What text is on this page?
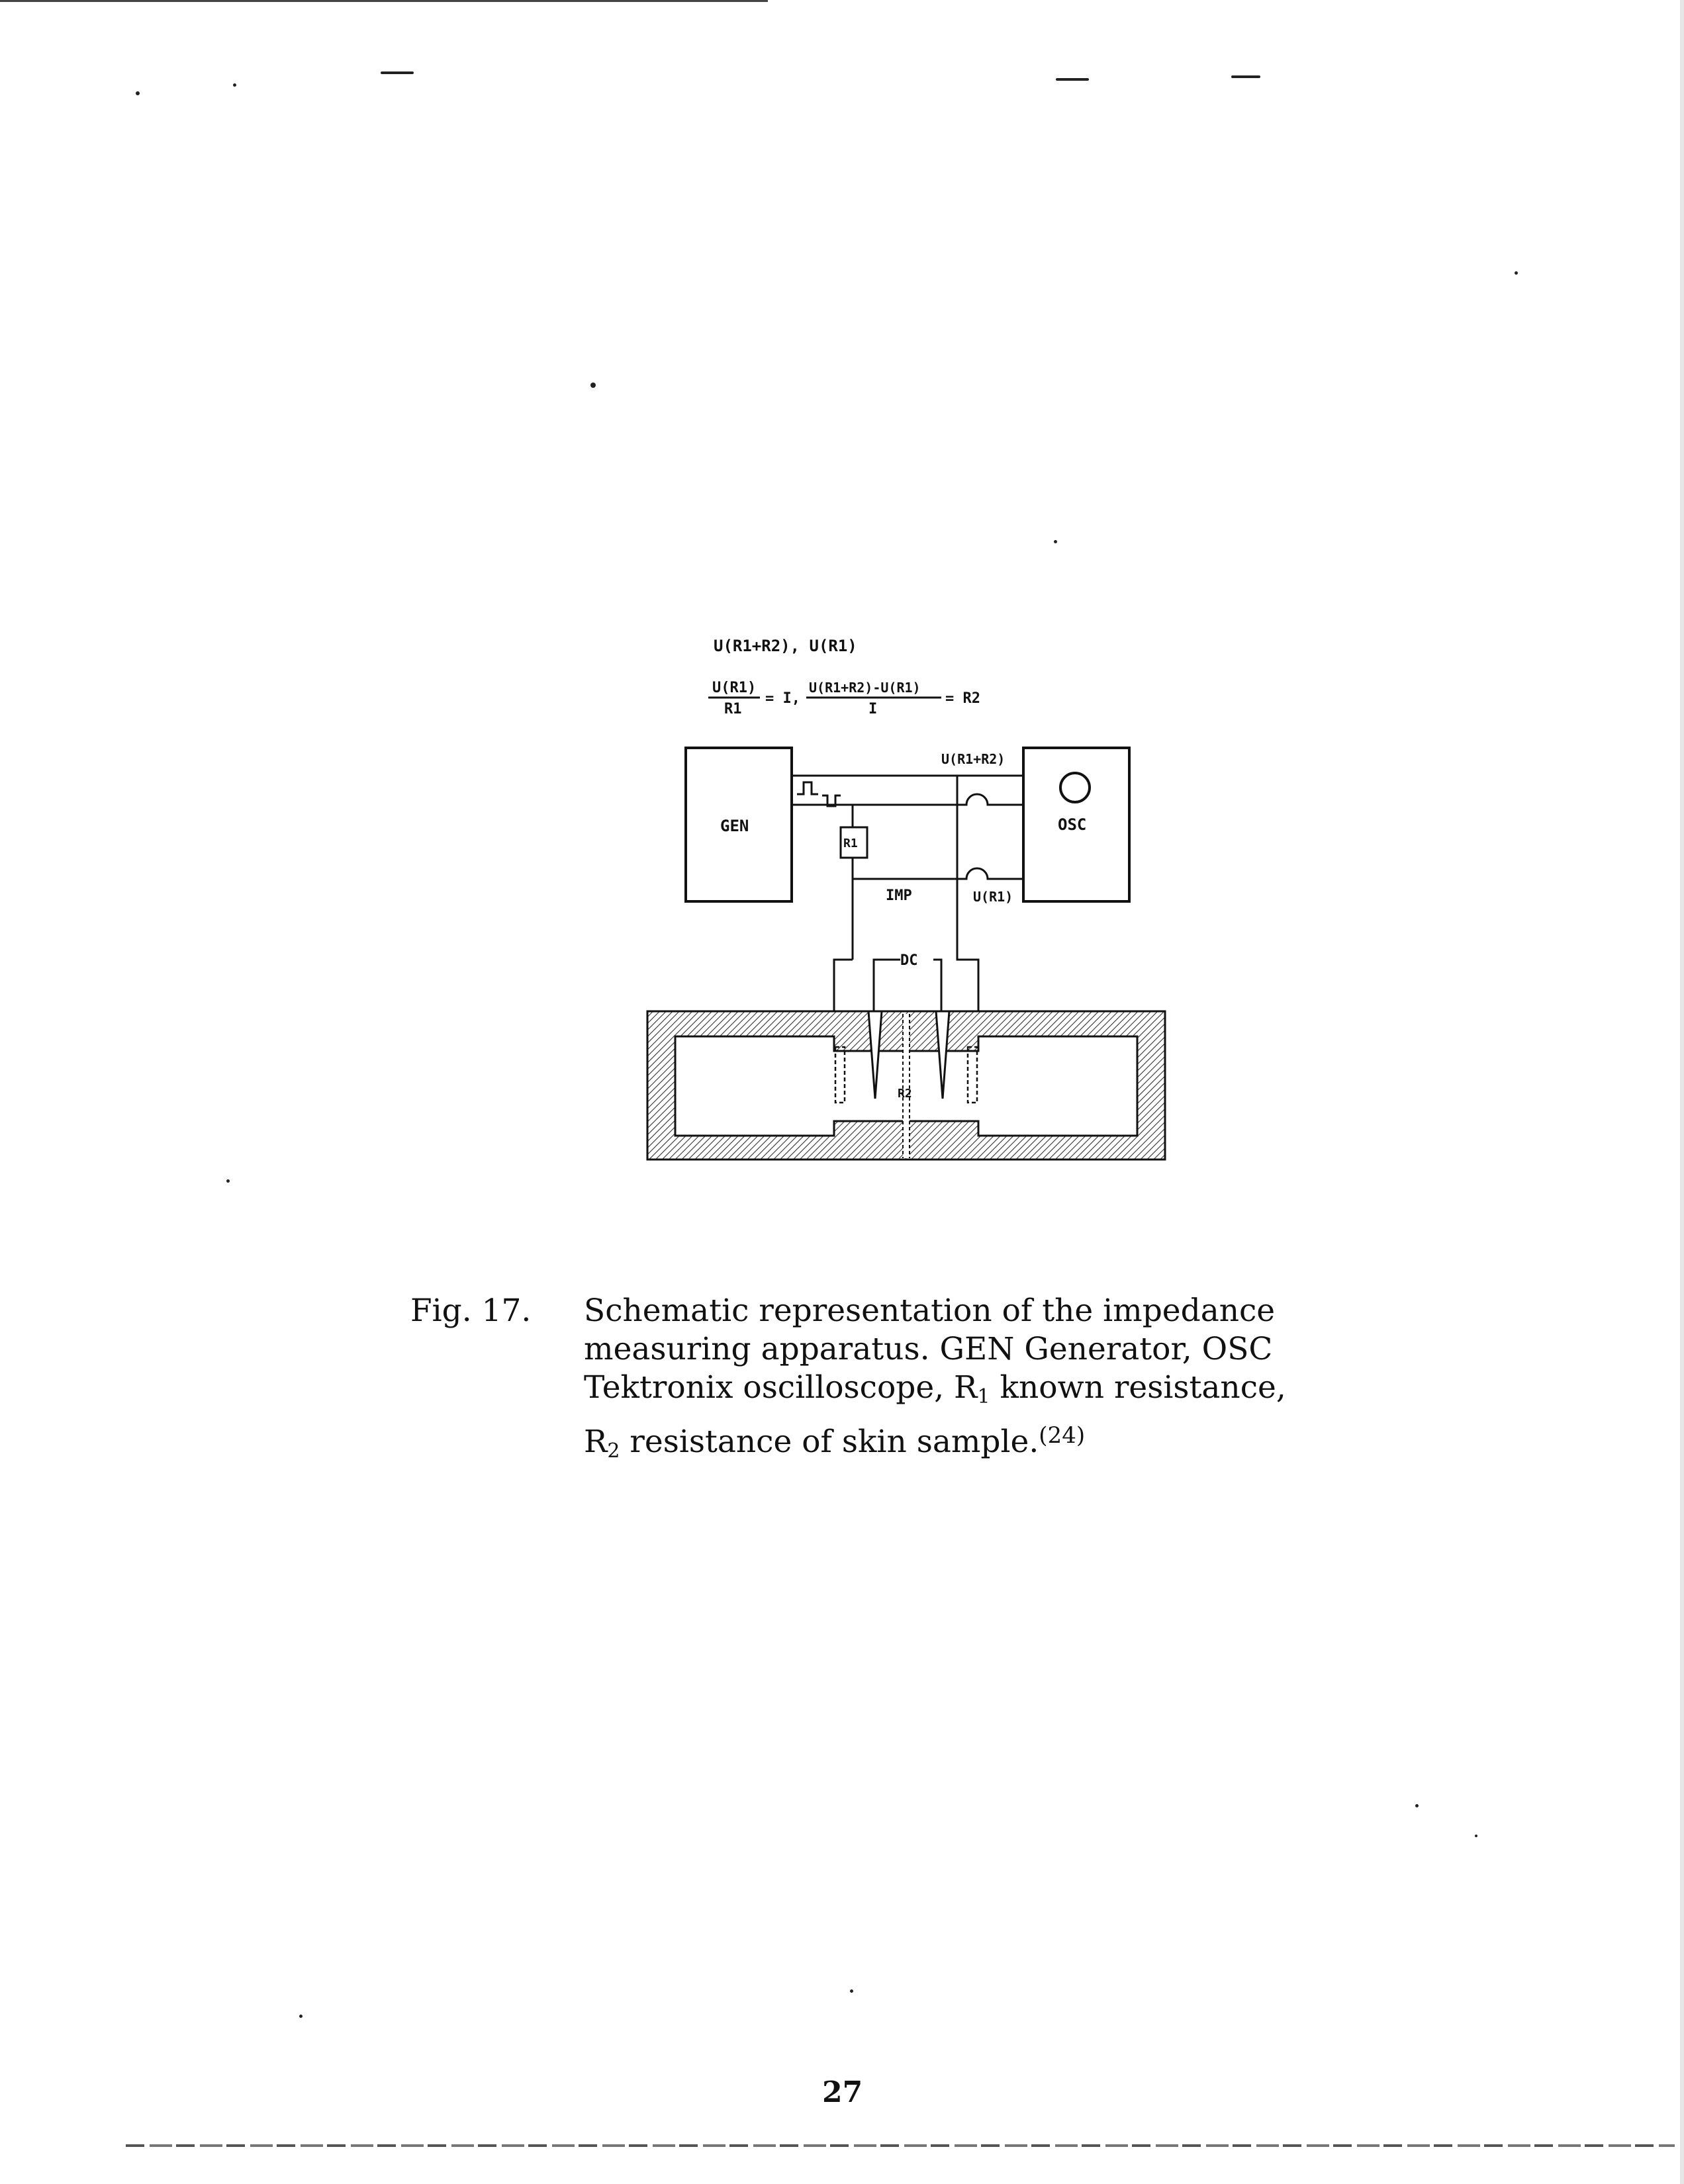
U(R1+R2), U(R1)
U(R1)
R1
= I,
U(R1+R2)-U(R1)
I
= R2
GEN	OSC
U(R1+R2)
R1
IMP	U(R1)
DC
R2
Fig. 17. Schematic representation of the impedance
measuring apparatus. GEN Generator, OSC
Tektronix oscilloscope, $R_1$ known resistance,
$R_2$ resistance of skin sample.$^{(24)}$
27
